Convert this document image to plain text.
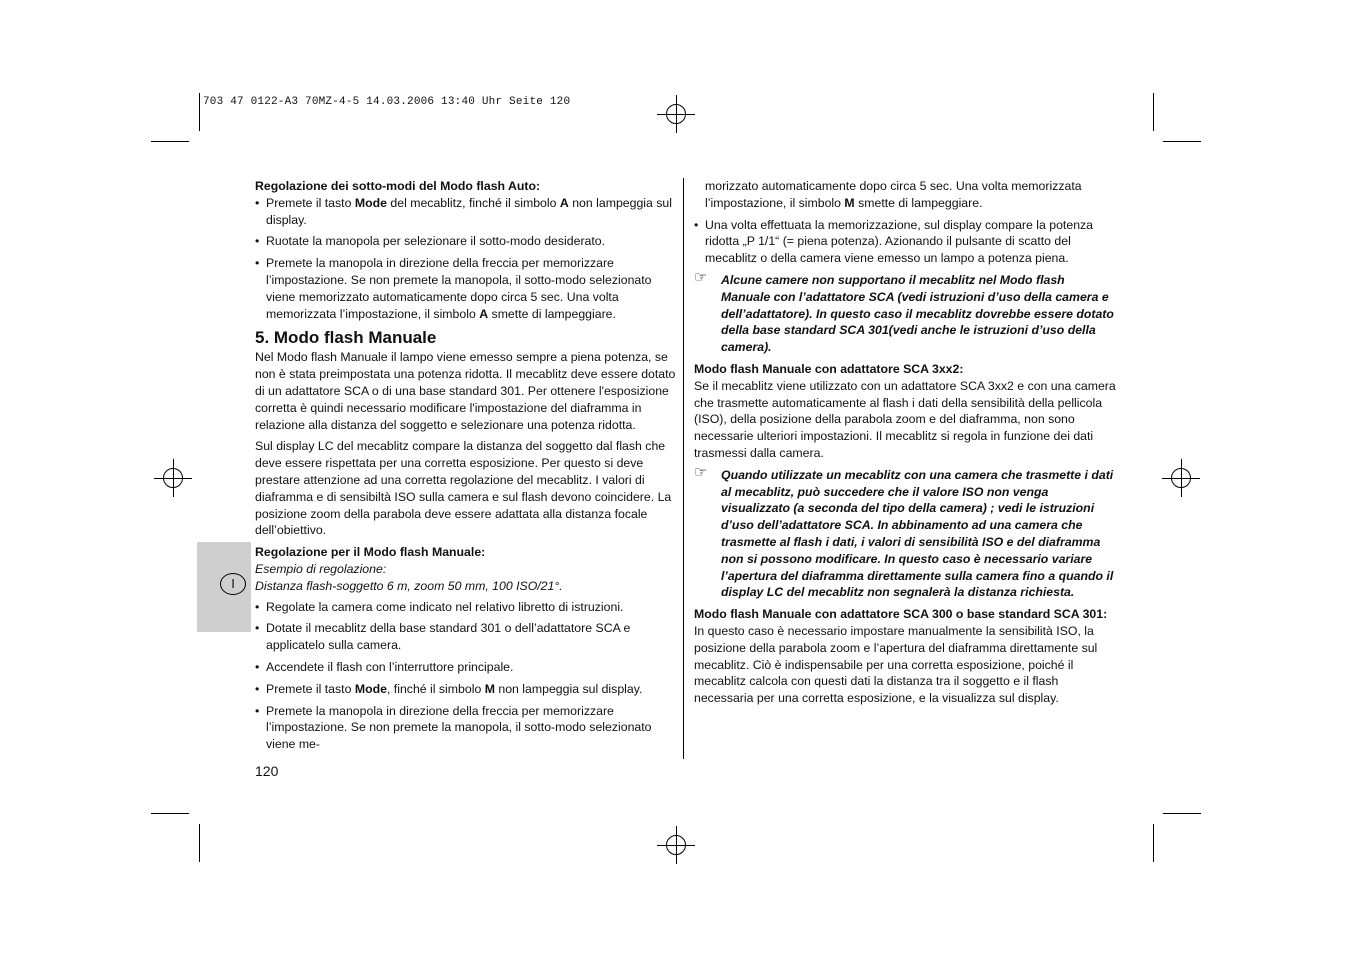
703 47 0122-A3 70MZ-4-5 14.03.2006 13:40 Uhr Seite 120
I

Regolazione dei sotto-modi del Modo flash Auto:

• Premete il tasto Mode del mecablitz, finché il simbolo A non lampeggia sul display.
• Ruotate la manopola per selezionare il sotto-modo desiderato.
• Premete la manopola in direzione della freccia per memorizzare l’impostazione. Se non premete la manopola, il sotto-modo selezionato viene memorizzato automaticamente dopo circa 5 sec. Una volta memorizzata l’impostazione, il simbolo A smette di lampeggiare.

5. Modo flash Manuale

Nel Modo flash Manuale il lampo viene emesso sempre a piena potenza, se non è stata preimpostata una potenza ridotta. Il mecablitz deve essere dotato di un adattatore SCA o di una base standard 301. Per ottenere l'esposizione corretta è quindi necessario modificare l'impostazione del diaframma in relazione alla distanza del soggetto e selezionare una potenza ridotta.

Sul display LC del mecablitz compare la distanza del soggetto dal flash che deve essere rispettata per una corretta esposizione. Per questo si deve prestare attenzione ad una corretta regolazione del mecablitz. I valori di diaframma e di sensibiltà ISO sulla camera e sul flash devono coincidere. La posizione zoom della parabola deve essere adattata alla distanza focale dell’obiettivo.

Regolazione per il Modo flash Manuale:

Esempio di regolazione:

Distanza flash-soggetto 6 m, zoom 50 mm, 100 ISO/21°.

• Regolate la camera come indicato nel relativo libretto di istruzioni.
• Dotate il mecablitz della base standard 301 o dell’adattatore SCA e applicatelo sulla camera.
• Accendete il flash con l’interruttore principale.
• Premete il tasto Mode, finché il simbolo M non lampeggia sul display.
• Premete la manopola in direzione della freccia per memorizzare l’impostazione. Se non premete la manopola, il sotto-modo selezionato viene me-
120
morizzato automaticamente dopo circa 5 sec. Una volta memorizzata l’impostazione, il simbolo M smette di lampeggiare.
• Una volta effettuata la memorizzazione, sul display compare la potenza ridotta „P 1/1“ (= piena potenza). Azionando il pulsante di scatto del mecablitz o della camera viene emesso un lampo a potenza piena.
☞ Alcune camere non supportano il mecablitz nel Modo flash Manuale con l’adattatore SCA (vedi istruzioni d’uso della camera e dell’adattatore). In questo caso il mecablitz dovrebbe essere dotato della base standard SCA 301(vedi anche le istruzioni d’uso della camera).

Modo flash Manuale con adattatore SCA 3xx2:

Se il mecablitz viene utilizzato con un adattatore SCA 3xx2 e con una camera che trasmette automaticamente al flash i dati della sensibilità della pellicola (ISO), della posizione della parabola zoom e del diaframma, non sono necessarie ulteriori impostazioni. Il mecablitz si regola in funzione dei dati trasmessi dalla camera.

☞ Quando utilizzate un mecablitz con una camera che trasmette i dati al mecablitz, può succedere che il valore ISO non venga visualizzato (a seconda del tipo della camera) ; vedi le istruzioni d’uso dell’adattatore SCA. In abbinamento ad una camera che trasmette al flash i dati, i valori di sensibilità ISO e del diaframma non si possono modificare. In questo caso è necessario variare l’apertura del diaframma direttamente sulla camera fino a quando il display LC del mecablitz non segnalerà la distanza richiesta.

Modo flash Manuale con adattatore SCA 300 o base standard SCA 301:

In questo caso è necessario impostare manualmente la sensibilità ISO, la posizione della parabola zoom e l’apertura del diaframma direttamente sul mecablitz. Ciò è indispensabile per una corretta esposizione, poiché il mecablitz calcola con questi dati la distanza tra il soggetto e il flash necessaria per una corretta esposizione, e la visualizza sul display.
